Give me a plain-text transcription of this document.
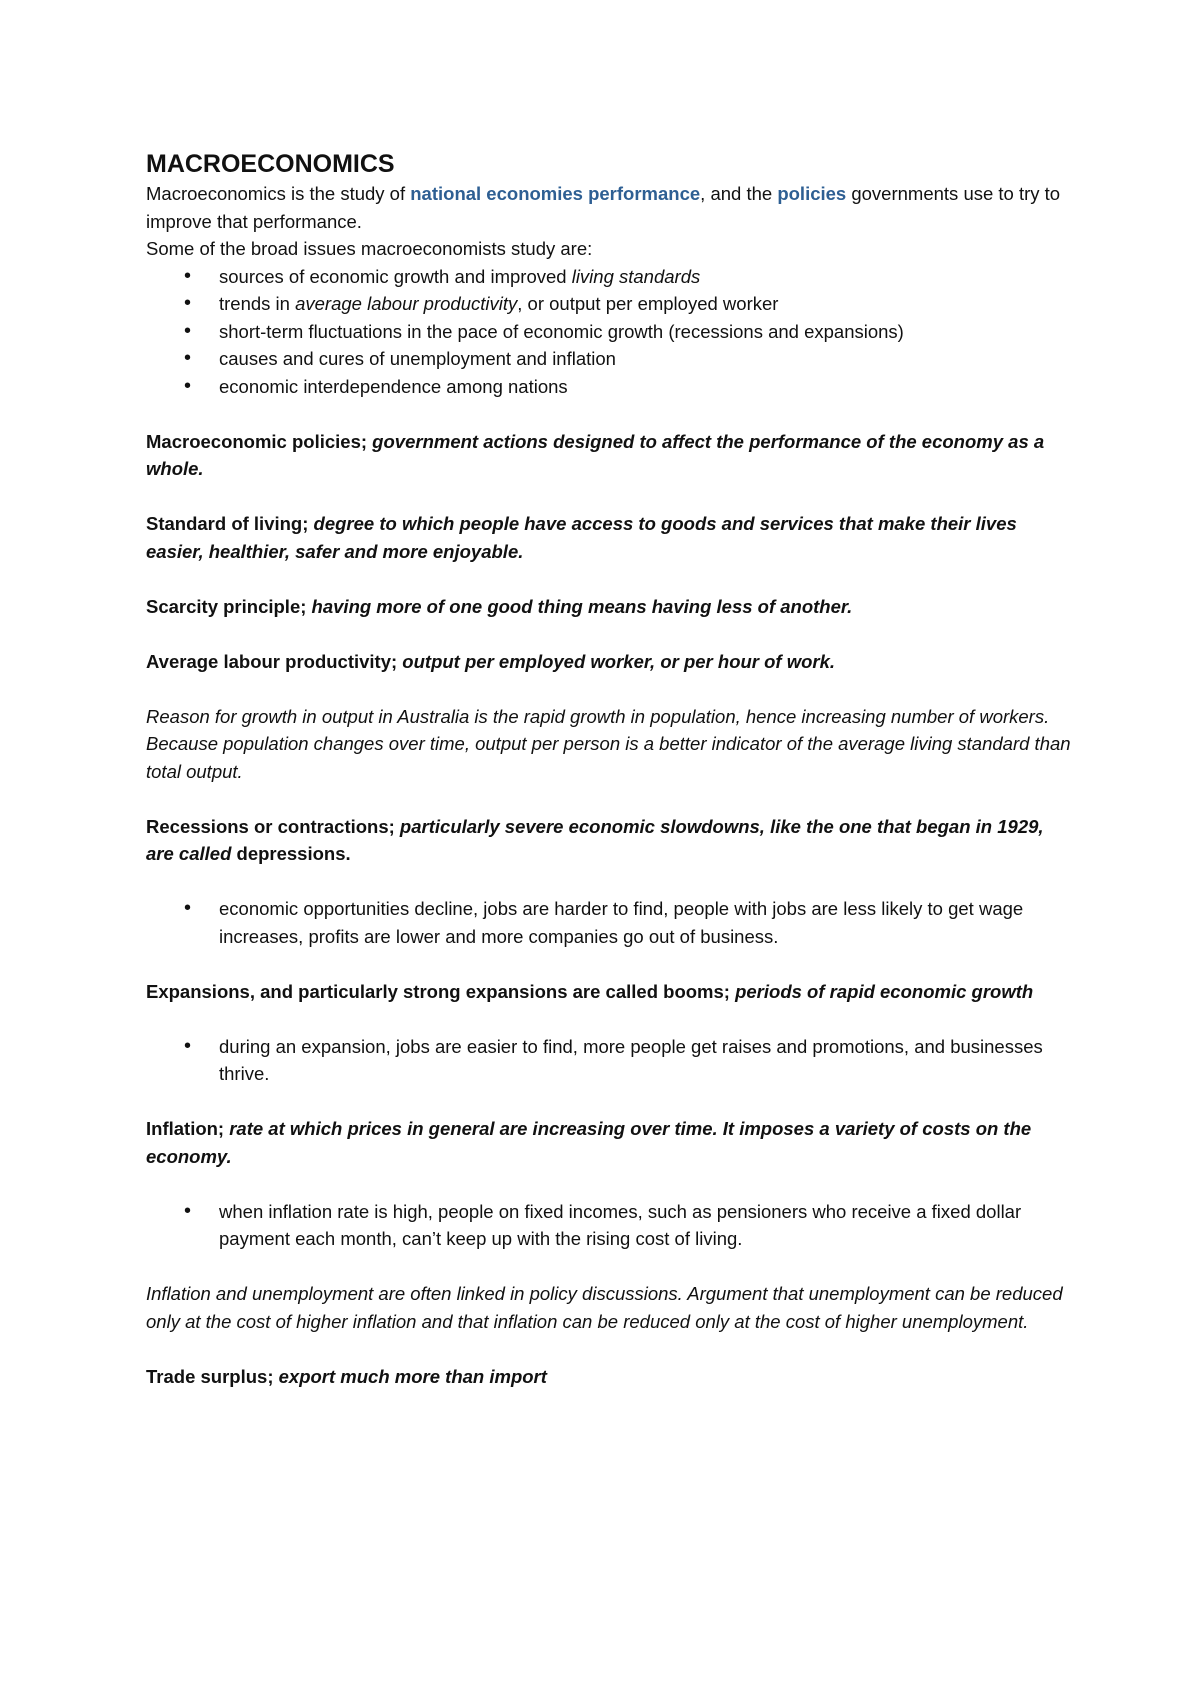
MACROECONOMICS

Macroeconomics is the study of national economies performance, and the policies governments use to try to improve that performance.

Some of the broad issues macroeconomists study are:

• sources of economic growth and improved living standards
• trends in average labour productivity, or output per employed worker
• short-term fluctuations in the pace of economic growth (recessions and expansions)
• causes and cures of unemployment and inflation
• economic interdependence among nations

Macroeconomic policies; government actions designed to affect the performance of the economy as a whole.

Standard of living; degree to which people have access to goods and services that make their lives easier, healthier, safer and more enjoyable.

Scarcity principle; having more of one good thing means having less of another.

Average labour productivity; output per employed worker, or per hour of work.

Reason for growth in output in Australia is the rapid growth in population, hence increasing number of workers. Because population changes over time, output per person is a better indicator of the average living standard than total output.

Recessions or contractions; particularly severe economic slowdowns, like the one that began in 1929, are called depressions.

• economic opportunities decline, jobs are harder to find, people with jobs are less likely to get wage increases, profits are lower and more companies go out of business.

Expansions, and particularly strong expansions are called booms; periods of rapid economic growth

• during an expansion, jobs are easier to find, more people get raises and promotions, and businesses thrive.

Inflation; rate at which prices in general are increasing over time. It imposes a variety of costs on the economy.

• when inflation rate is high, people on fixed incomes, such as pensioners who receive a fixed dollar payment each month, can’t keep up with the rising cost of living.

Inflation and unemployment are often linked in policy discussions. Argument that unemployment can be reduced only at the cost of higher inflation and that inflation can be reduced only at the cost of higher unemployment.

Trade surplus; export much more than import
